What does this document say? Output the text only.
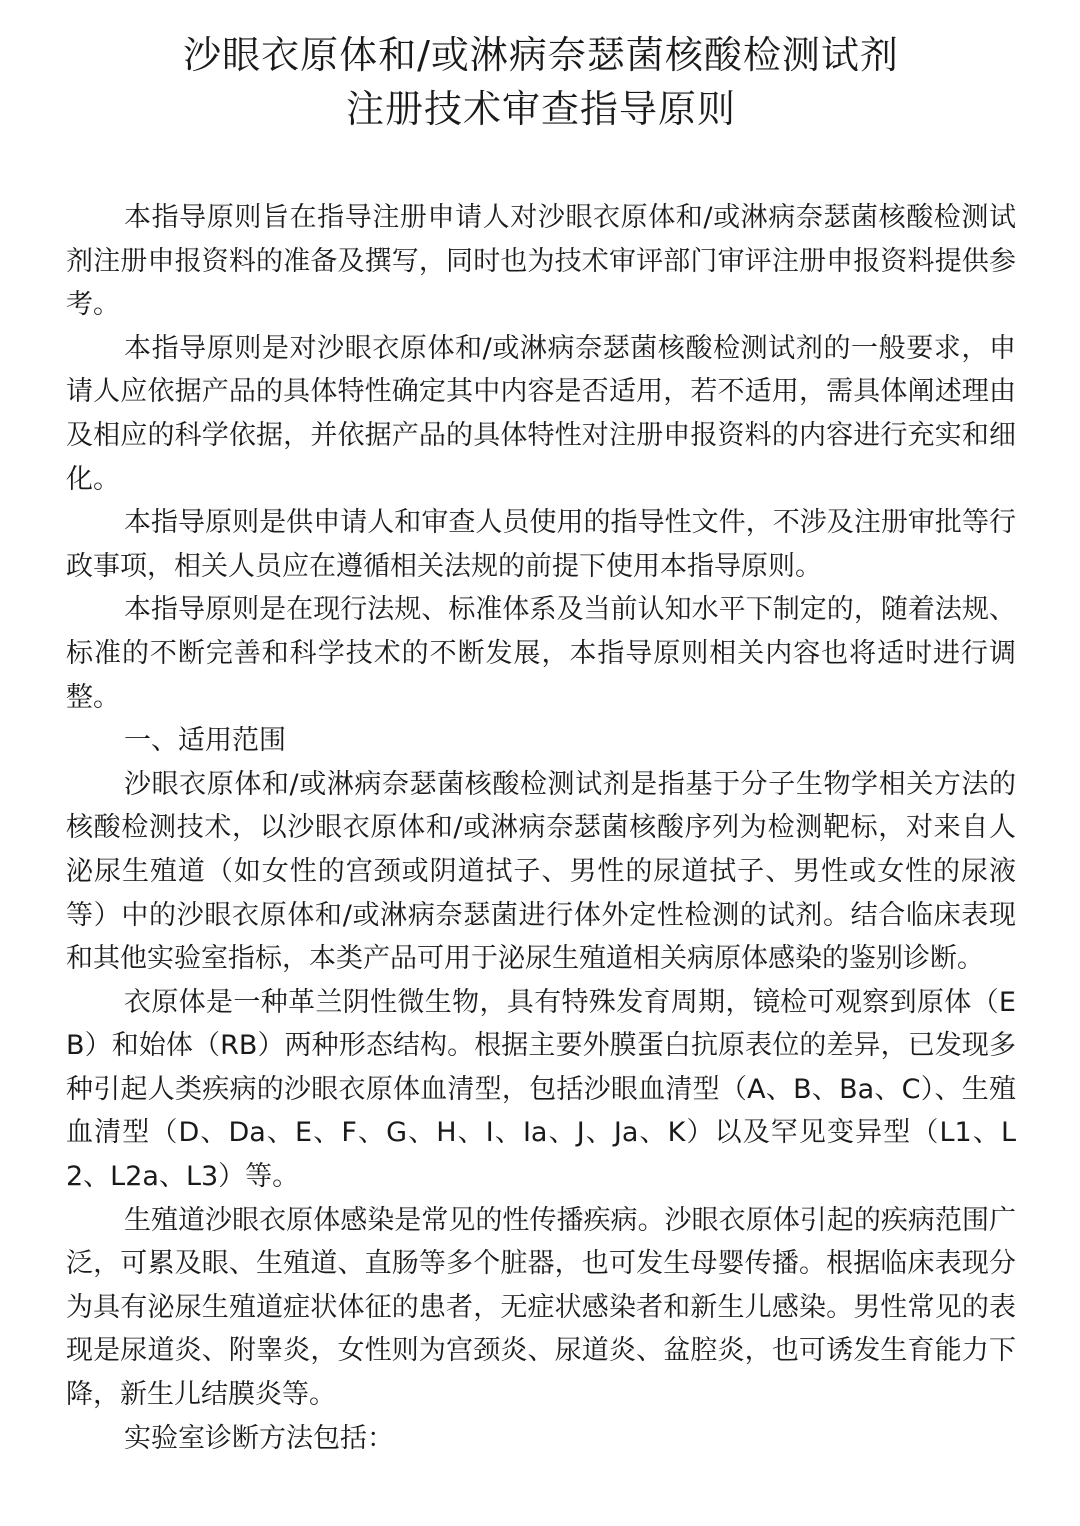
沙眼衣原体和/或淋病奈瑟菌核酸检测试剂
注册技术审查指导原则

本指导原则旨在指导注册申请人对沙眼衣原体和/或淋病奈瑟菌核酸检测试剂注册申报资料的准备及撰写，同时也为技术审评部门审评注册申报资料提供参考。

本指导原则是对沙眼衣原体和/或淋病奈瑟菌核酸检测试剂的一般要求，申请人应依据产品的具体特性确定其中内容是否适用，若不适用，需具体阐述理由及相应的科学依据，并依据产品的具体特性对注册申报资料的内容进行充实和细化。

本指导原则是供申请人和审查人员使用的指导性文件，不涉及注册审批等行政事项，相关人员应在遵循相关法规的前提下使用本指导原则。

本指导原则是在现行法规、标准体系及当前认知水平下制定的，随着法规、标准的不断完善和科学技术的不断发展，本指导原则相关内容也将适时进行调整。

一、适用范围

沙眼衣原体和/或淋病奈瑟菌核酸检测试剂是指基于分子生物学相关方法的核酸检测技术，以沙眼衣原体和/或淋病奈瑟菌核酸序列为检测靶标，对来自人泌尿生殖道（如女性的宫颈或阴道拭子、男性的尿道拭子、男性或女性的尿液等）中的沙眼衣原体和/或淋病奈瑟菌进行体外定性检测的试剂。结合临床表现和其他实验室指标，本类产品可用于泌尿生殖道相关病原体感染的鉴别诊断。

衣原体是一种革兰阴性微生物，具有特殊发育周期，镜检可观察到原体（EB）和始体（RB）两种形态结构。根据主要外膜蛋白抗原表位的差异，已发现多种引起人类疾病的沙眼衣原体血清型，包括沙眼血清型（A、B、Ba、C）、生殖血清型（D、Da、E、F、G、H、I、Ia、J、Ja、K）以及罕见变异型（L1、L2、L2a、L3）等。

生殖道沙眼衣原体感染是常见的性传播疾病。沙眼衣原体引起的疾病范围广泛，可累及眼、生殖道、直肠等多个脏器，也可发生母婴传播。根据临床表现分为具有泌尿生殖道症状体征的患者，无症状感染者和新生儿感染。男性常见的表现是尿道炎、附睾炎，女性则为宫颈炎、尿道炎、盆腔炎，也可诱发生育能力下降，新生儿结膜炎等。

实验室诊断方法包括：
